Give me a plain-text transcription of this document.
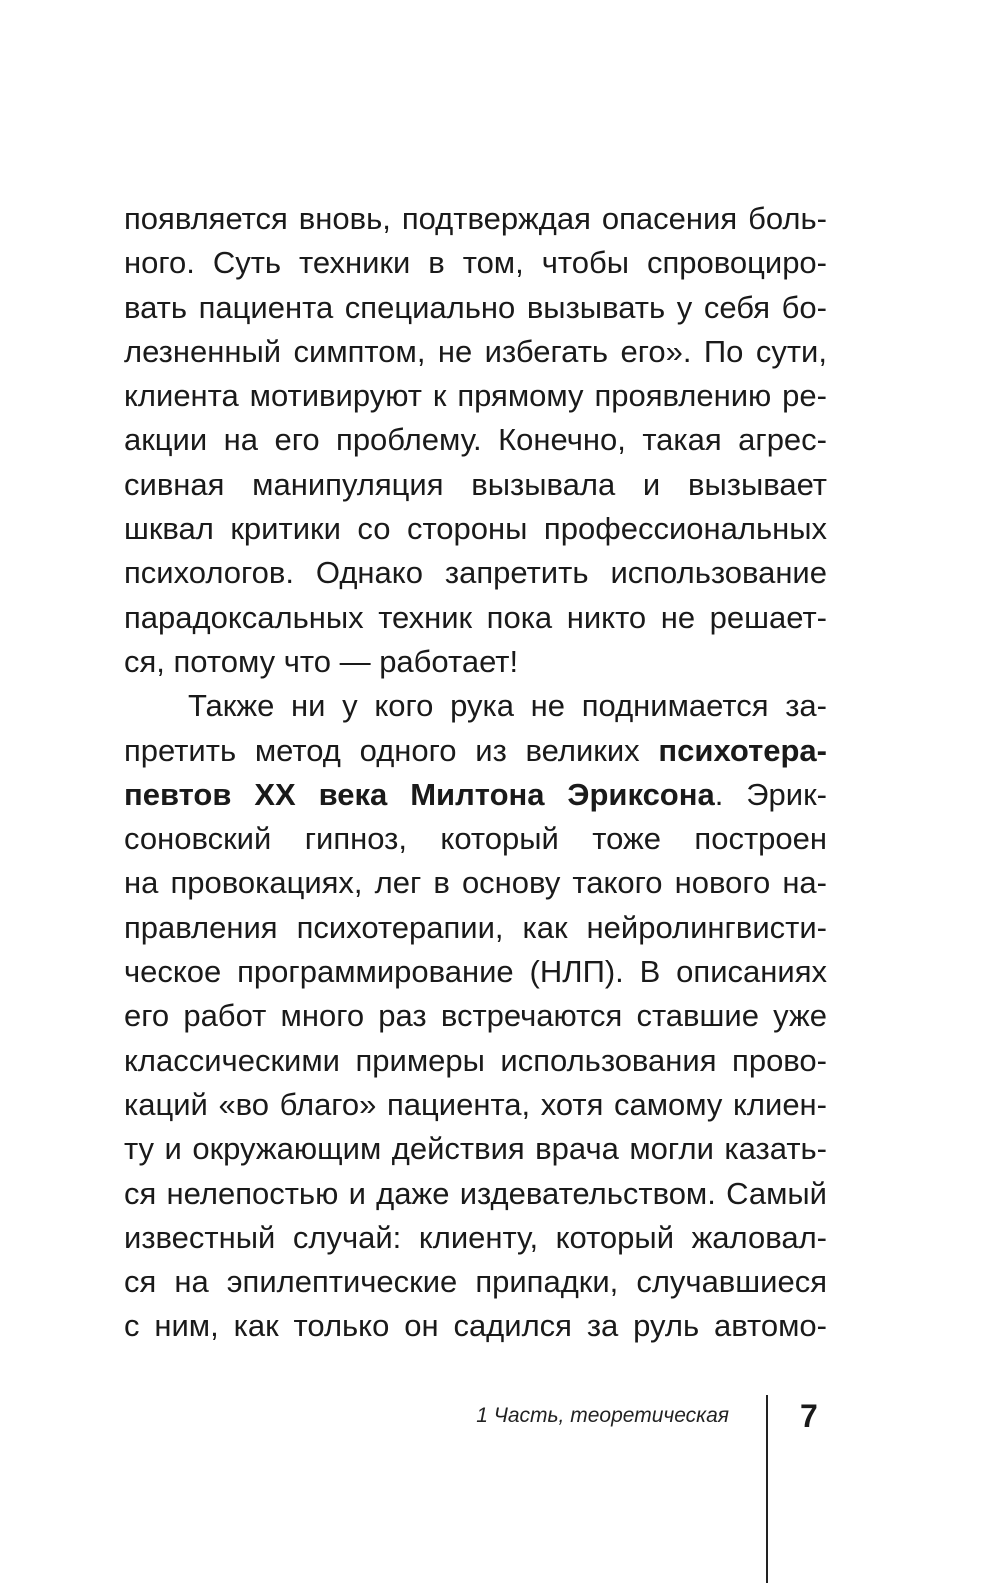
появляется вновь, подтверждая опасения боль-
ного. Суть техники в том, чтобы спровоциро-
вать пациента специально вызывать у себя бо-
лезненный симптом, не избегать его». По сути,
клиента мотивируют к прямому проявлению ре-
акции на его проблему. Конечно, такая агрес-
сивная манипуляция вызывала и вызывает
шквал критики со стороны профессиональных
психологов. Однако запретить использование
парадоксальных техник пока никто не решает-
ся, потому что — работает!
Также ни у кого рука не поднимается за-
претить метод одного из великих психотера-
певтов XX века Милтона Эриксона. Эрик-
соновский гипноз, который тоже построен
на провокациях, лег в основу такого нового на-
правления психотерапии, как нейролингвисти-
ческое программирование (НЛП). В описаниях
его работ много раз встречаются ставшие уже
классическими примеры использования прово-
каций «во благо» пациента, хотя самому клиен-
ту и окружающим действия врача могли казать-
ся нелепостью и даже издевательством. Самый
известный случай: клиенту, который жаловал-
ся на эпилептические припадки, случавшиеся
с ним, как только он садился за руль автомо-
1 Часть, теоретическая 7
